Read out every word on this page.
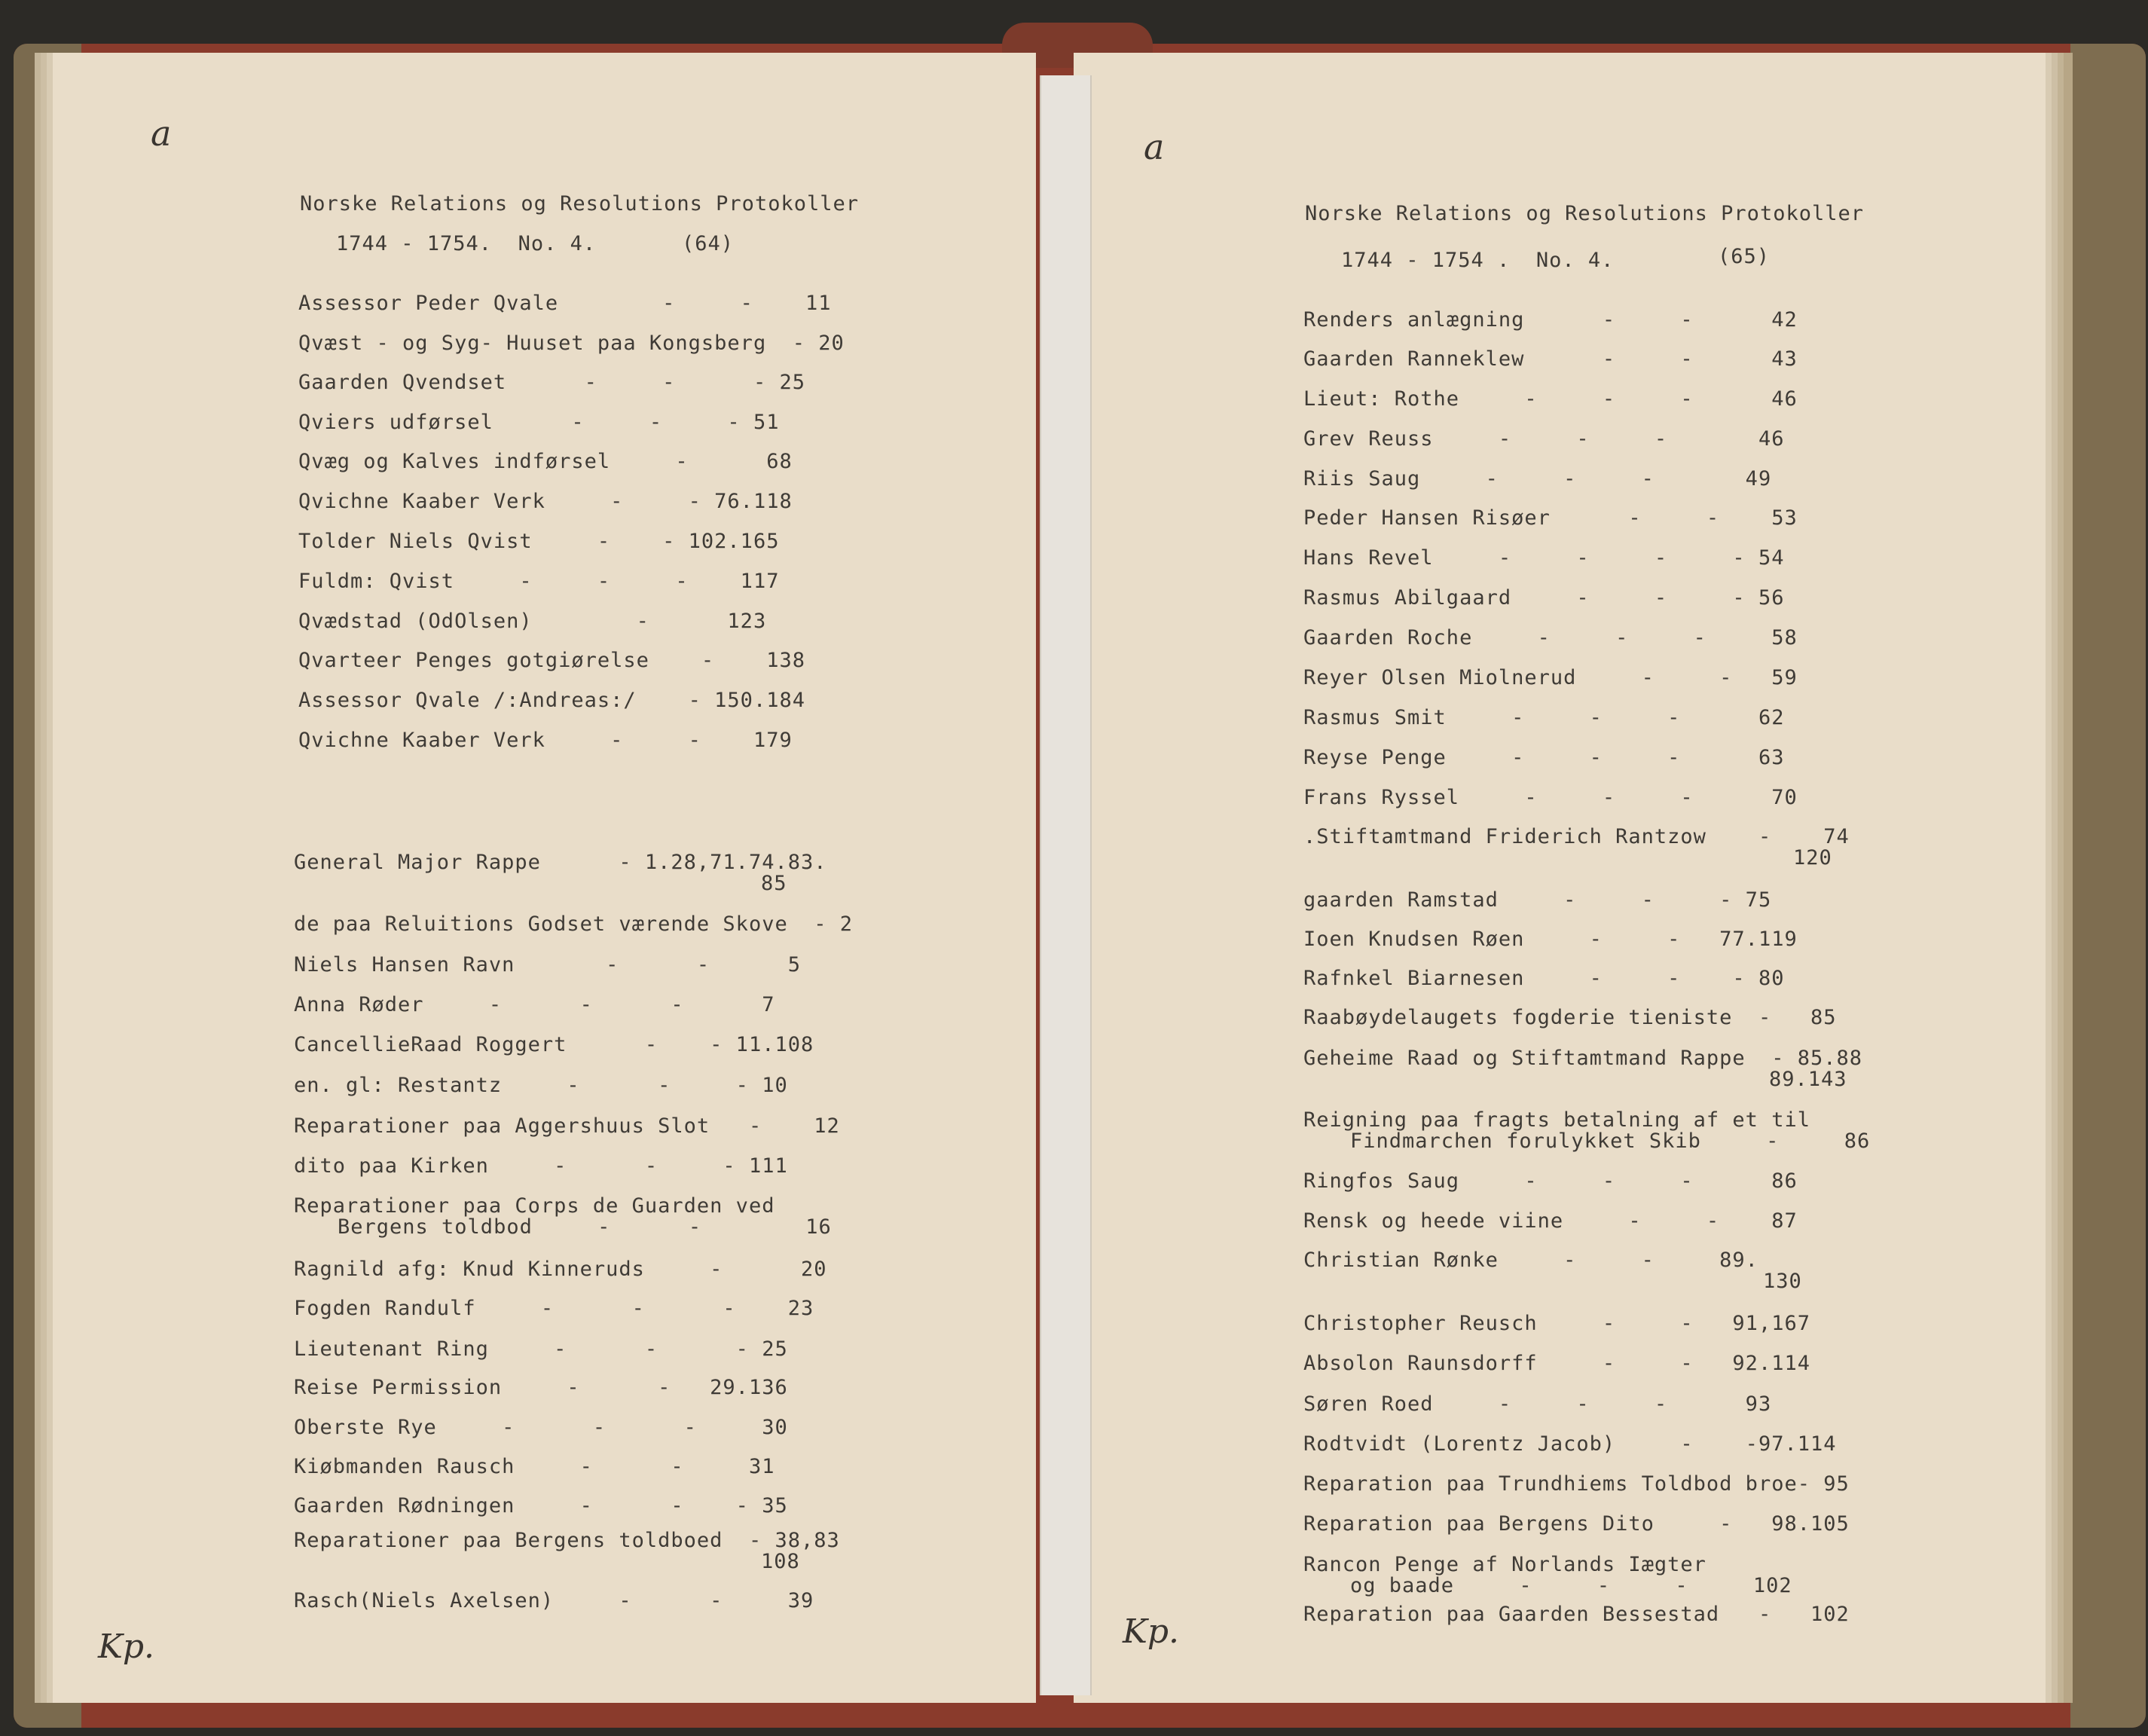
a	a
Kp.	Kp.
Norske Relations og Resolutions Protokoller
1744 - 1754.  No. 4.	(64)
Assessor Peder Qvale        -     -    11
Qvæst - og Syg- Huuset paa Kongsberg  - 20
Gaarden Qvendset      -     -      - 25
Qviers udførsel      -     -     - 51
Qvæg og Kalves indførsel     -      68
Qvichne Kaaber Verk     -     - 76.118
Tolder Niels Qvist     -    - 102.165
Fuldm: Qvist     -     -     -    117
Qvædstad (OdOlsen)        -      123
Qvarteer Penges gotgiørelse    -    138
Assessor Qvale /:Andreas:/    - 150.184
Qvichne Kaaber Verk     -     -    179
General Major Rappe      - 1.28,71.74.83.
85
de paa Reluitions Godset værende Skove  - 2
Niels Hansen Ravn       -      -      5
Anna Røder     -      -      -      7
CancellieRaad Roggert      -    - 11.108
en. gl: Restantz     -      -     - 10
Reparationer paa Aggershuus Slot   -    12
dito paa Kirken     -      -     - 111
Reparationer paa Corps de Guarden ved
Bergens toldbod     -      -        16
Ragnild afg: Knud Kinneruds     -      20
Fogden Randulf     -      -      -    23
Lieutenant Ring     -      -      - 25
Reise Permission     -      -   29.136
Oberste Rye     -      -      -     30
Kiøbmanden Rausch     -      -     31
Gaarden Rødningen     -      -    - 35
Reparationer paa Bergens toldboed  - 38,83
108
Rasch(Niels Axelsen)     -      -     39
Norske Relations og Resolutions Protokoller
1744 - 1754 .  No. 4.	(65)
Renders anlægning      -     -      42
Gaarden Ranneklew      -     -      43
Lieut: Rothe     -     -     -      46
Grev Reuss     -     -     -       46
Riis Saug     -     -     -       49
Peder Hansen Risøer      -     -    53
Hans Revel     -     -     -     - 54
Rasmus Abilgaard     -     -     - 56
Gaarden Roche     -     -     -     58
Reyer Olsen Miolnerud     -     -   59
Rasmus Smit     -     -     -      62
Reyse Penge     -     -     -      63
Frans Ryssel     -     -     -      70
.Stiftamtmand Friderich Rantzow    -    74
120
gaarden Ramstad     -     -     - 75
Ioen Knudsen Røen     -     -   77.119
Rafnkel Biarnesen     -     -    - 80
Raabøydelaugets fogderie tieniste  -   85
Geheime Raad og Stiftamtmand Rappe  - 85.88
89.143
Reigning paa fragts betalning af et til
Findmarchen forulykket Skib     -     86
Ringfos Saug     -     -     -      86
Rensk og heede viine     -     -    87
Christian Rønke     -     -     89.
130
Christopher Reusch     -     -   91,167
Absolon Raunsdorff     -     -   92.114
Søren Roed     -     -     -      93
Rodtvidt (Lorentz Jacob)     -    -97.114
Reparation paa Trundhiems Toldbod broe- 95
Reparation paa Bergens Dito     -   98.105
Rancon Penge af Norlands Iægter
og baade     -     -     -     102
Reparation paa Gaarden Bessestad   -   102
